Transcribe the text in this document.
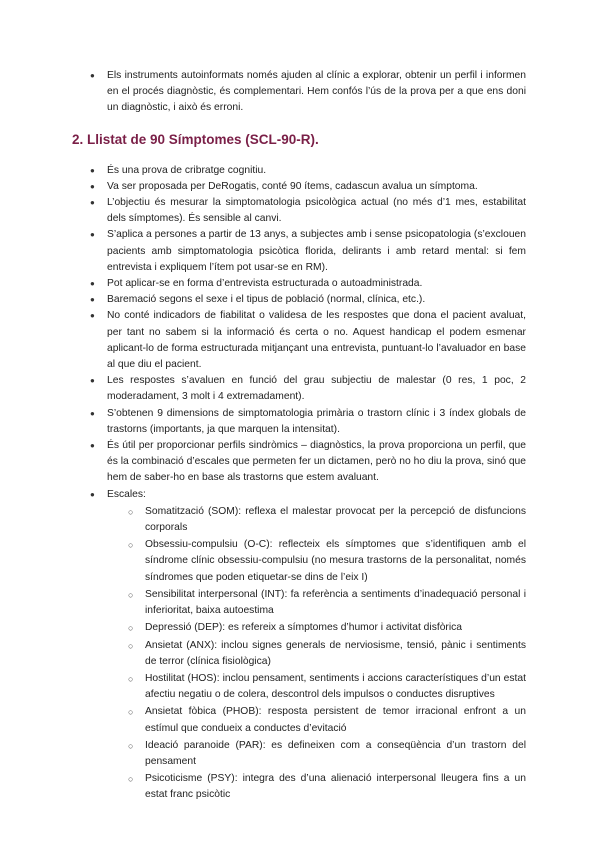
● Els instruments autoinformats només ajuden al clínic a explorar, obtenir un perfil i informen en el procés diagnòstic, és complementari. Hem confós l’ús de la prova per a que ens doni un diagnòstic, i això és erroni.
2. Llistat de 90 Símptomes (SCL-90-R).
● És una prova de cribratge cognitiu.
● Va ser proposada per DeRogatis, conté 90 ítems, cadascun avalua un símptoma.
● L’objectiu és mesurar la simptomatologia psicològica actual (no més d’1 mes, estabilitat dels símptomes). És sensible al canvi.
● S’aplica a persones a partir de 13 anys, a subjectes amb i sense psicopatologia (s’exclouen pacients amb simptomatologia psicòtica florida, delirants i amb retard mental: si fem entrevista i expliquem l’ítem pot usar-se en RM).
● Pot aplicar-se en forma d’entrevista estructurada o autoadministrada.
● Baremació segons el sexe i el tipus de població (normal, clínica, etc.).
● No conté indicadors de fiabilitat o validesa de les respostes que dona el pacient avaluat, per tant no sabem si la informació és certa o no. Aquest handicap el podem esmenar aplicant-lo de forma estructurada mitjançant una entrevista, puntuant-lo l’avaluador en base al que diu el pacient.
● Les respostes s’avaluen en funció del grau subjectiu de malestar (0 res, 1 poc, 2 moderadament, 3 molt i 4 extremadament).
● S’obtenen 9 dimensions de simptomatologia primària o trastorn clínic i 3 índex globals de trastorns (importants, ja que marquen la intensitat).
● És útil per proporcionar perfils sindròmics – diagnòstics, la prova proporciona un perfil, que és la combinació d’escales que permeten fer un dictamen, però no ho diu la prova, sinó que hem de saber-ho en base als trastorns que estem avaluant.
● Escales:
○ Somatització (SOM): reflexa el malestar provocat per la percepció de disfuncions corporals
○ Obsessiu-compulsiu (O-C): reflecteix els símptomes que s’identifiquen amb el síndrome clínic obsessiu-compulsiu (no mesura trastorns de la personalitat, només síndromes que poden etiquetar-se dins de l’eix I)
○ Sensibilitat interpersonal (INT): fa referència a sentiments d’inadequació personal i inferioritat, baixa autoestima
○ Depressió (DEP): es refereix a símptomes d’humor i activitat disfòrica
○ Ansietat (ANX): inclou signes generals de nerviosisme, tensió, pànic i sentiments de terror (clínica fisiològica)
○ Hostilitat (HOS): inclou pensament, sentiments i accions característiques d’un estat afectiu negatiu o de colera, descontrol dels impulsos o conductes disruptives
○ Ansietat fòbica (PHOB): resposta persistent de temor irracional enfront a un estímul que condueix a conductes d’evitació
○ Ideació paranoide (PAR): es defineixen com a conseqüència d’un trastorn del pensament
○ Psicoticisme (PSY): integra des d’una alienació interpersonal lleugera fins a un estat franc psicòtic
